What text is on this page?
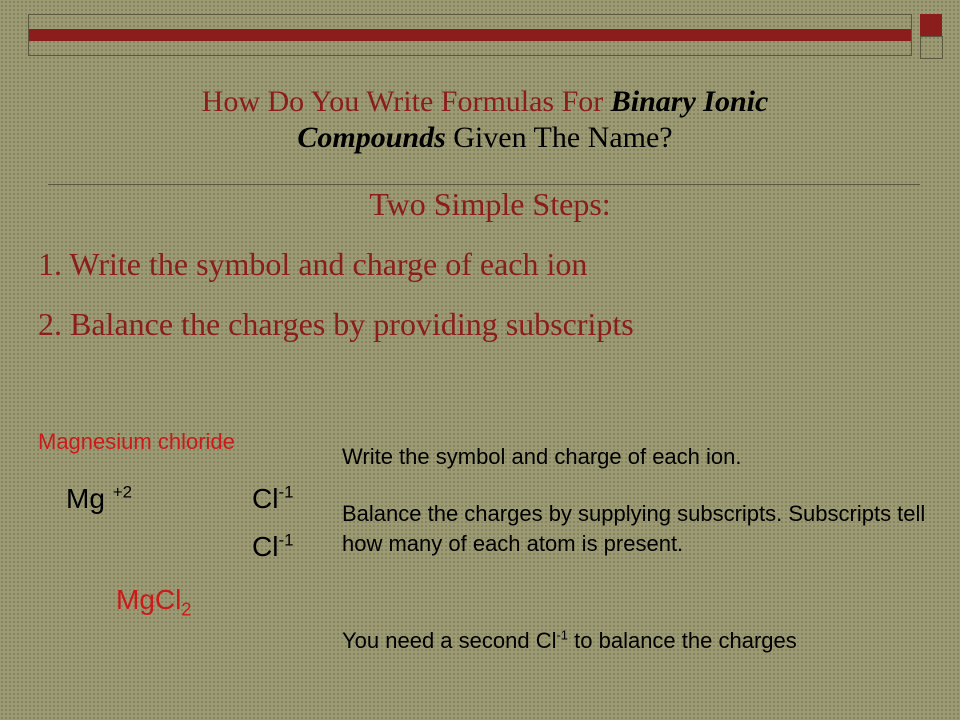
How Do You Write Formulas For Binary Ionic
Compounds Given The Name?
Two Simple Steps:
1. Write the symbol and charge of each ion
2. Balance the charges by providing subscripts
Magnesium chloride
Mg $^{+2}$	$Cl^{-1}$
$Cl^{-1}$
MgCl$_2$
Write the symbol and charge of each ion.
Balance the charges by supplying subscripts. Subscripts tell how many of each atom is present.
You need a second $Cl^{-1}$ to balance the charges
